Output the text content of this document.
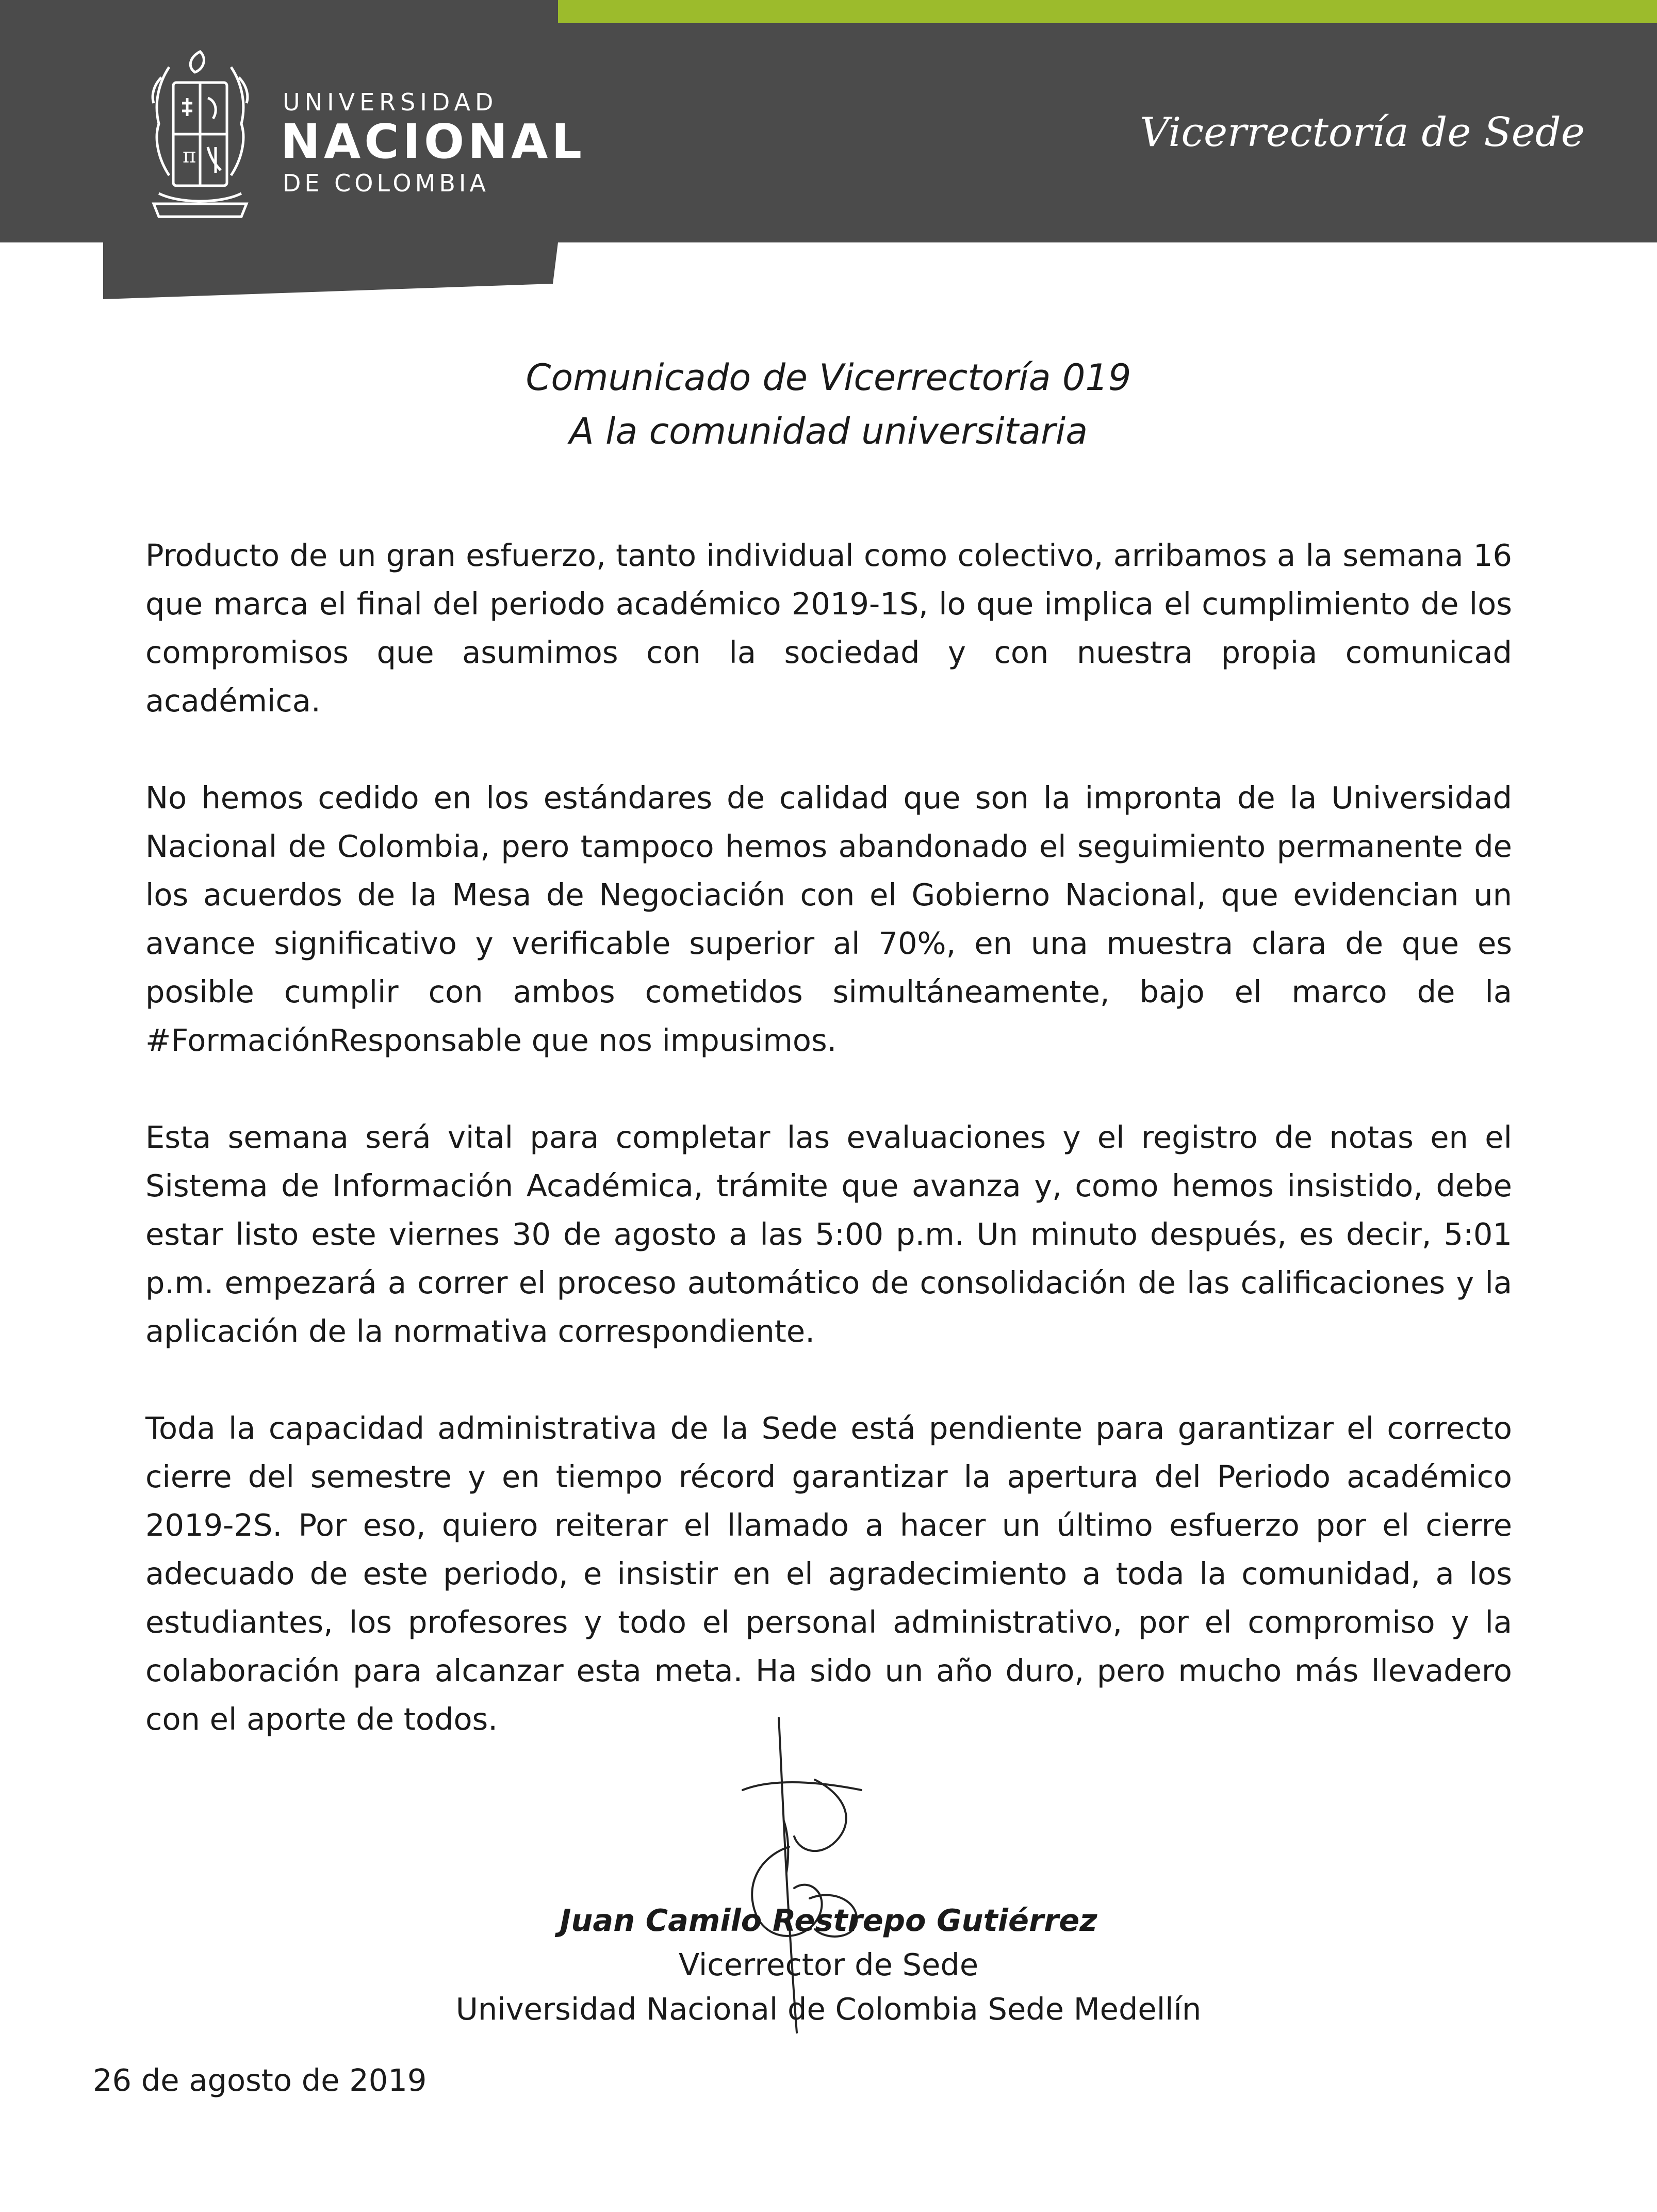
π
UNIVERSIDAD
NACIONAL
DE COLOMBIA
Vicerrectoría de Sede
Comunicado de Vicerrectoría 019
A la comunidad universitaria

Producto de un gran esfuerzo, tanto individual como colectivo, arribamos a la semana 16 que marca el final del periodo académico 2019-1S, lo que implica el cumplimiento de los compromisos que asumimos con la sociedad y con nuestra propia comunicad académica.

No hemos cedido en los estándares de calidad que son la impronta de la Universidad Nacional de Colombia, pero tampoco hemos abandonado el seguimiento permanente de los acuerdos de la Mesa de Negociación con el Gobierno Nacional, que evidencian un avance significativo y verificable superior al 70%, en una muestra clara de que es posible cumplir con ambos cometidos simultáneamente, bajo el marco de la #FormaciónResponsable que nos impusimos.

Esta semana será vital para completar las evaluaciones y el registro de notas en el Sistema de Información Académica, trámite que avanza y, como hemos insistido, debe estar listo este viernes 30 de agosto a las 5:00 p.m. Un minuto después, es decir, 5:01 p.m. empezará a correr el proceso automático de consolidación de las calificaciones y la aplicación de la normativa correspondiente.

Toda la capacidad administrativa de la Sede está pendiente para garantizar el correcto cierre del semestre y en tiempo récord garantizar la apertura del Periodo académico 2019-2S. Por eso, quiero reiterar el llamado a hacer un último esfuerzo por el cierre adecuado de este periodo, e insistir en el agradecimiento a toda la comunidad, a los estudiantes, los profesores y todo el personal administrativo, por el compromiso y la colaboración para alcanzar esta meta. Ha sido un año duro, pero mucho más llevadero con el aporte de todos.

Juan Camilo Restrepo Gutiérrez
Vicerrector de Sede
Universidad Nacional de Colombia Sede Medellín
26 de agosto de 2019
